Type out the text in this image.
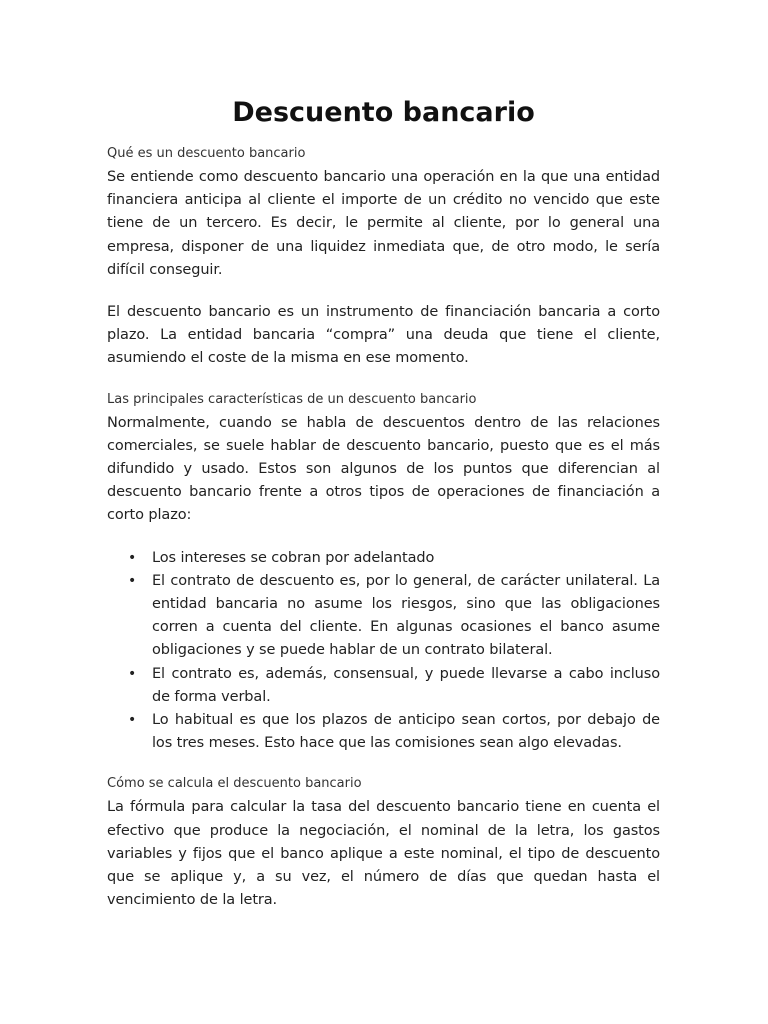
Descuento bancario
Qué es un descuento bancario

Se entiende como descuento bancario una operación en la que una entidad financiera anticipa al cliente el importe de un crédito no vencido que este tiene de un tercero. Es decir, le permite al cliente, por lo general una empresa, disponer de una liquidez inmediata que, de otro modo, le sería difícil conseguir.

El descuento bancario es un instrumento de financiación bancaria a corto plazo. La entidad bancaria “compra” una deuda que tiene el cliente, asumiendo el coste de la misma en ese momento.

Las principales características de un descuento bancario

Normalmente, cuando se habla de descuentos dentro de las relaciones comerciales, se suele hablar de descuento bancario, puesto que es el más difundido y usado. Estos son algunos de los puntos que diferencian al descuento bancario frente a otros tipos de operaciones de financiación a corto plazo:

• Los intereses se cobran por adelantado
• El contrato de descuento es, por lo general, de carácter unilateral. La entidad bancaria no asume los riesgos, sino que las obligaciones corren a cuenta del cliente. En algunas ocasiones el banco asume obligaciones y se puede hablar de un contrato bilateral.
• El contrato es, además, consensual, y puede llevarse a cabo incluso de forma verbal.
• Lo habitual es que los plazos de anticipo sean cortos, por debajo de los tres meses. Esto hace que las comisiones sean algo elevadas.
Cómo se calcula el descuento bancario

La fórmula para calcular la tasa del descuento bancario tiene en cuenta el efectivo que produce la negociación, el nominal de la letra, los gastos variables y fijos que el banco aplique a este nominal, el tipo de descuento que se aplique y, a su vez, el número de días que quedan hasta el vencimiento de la letra.
